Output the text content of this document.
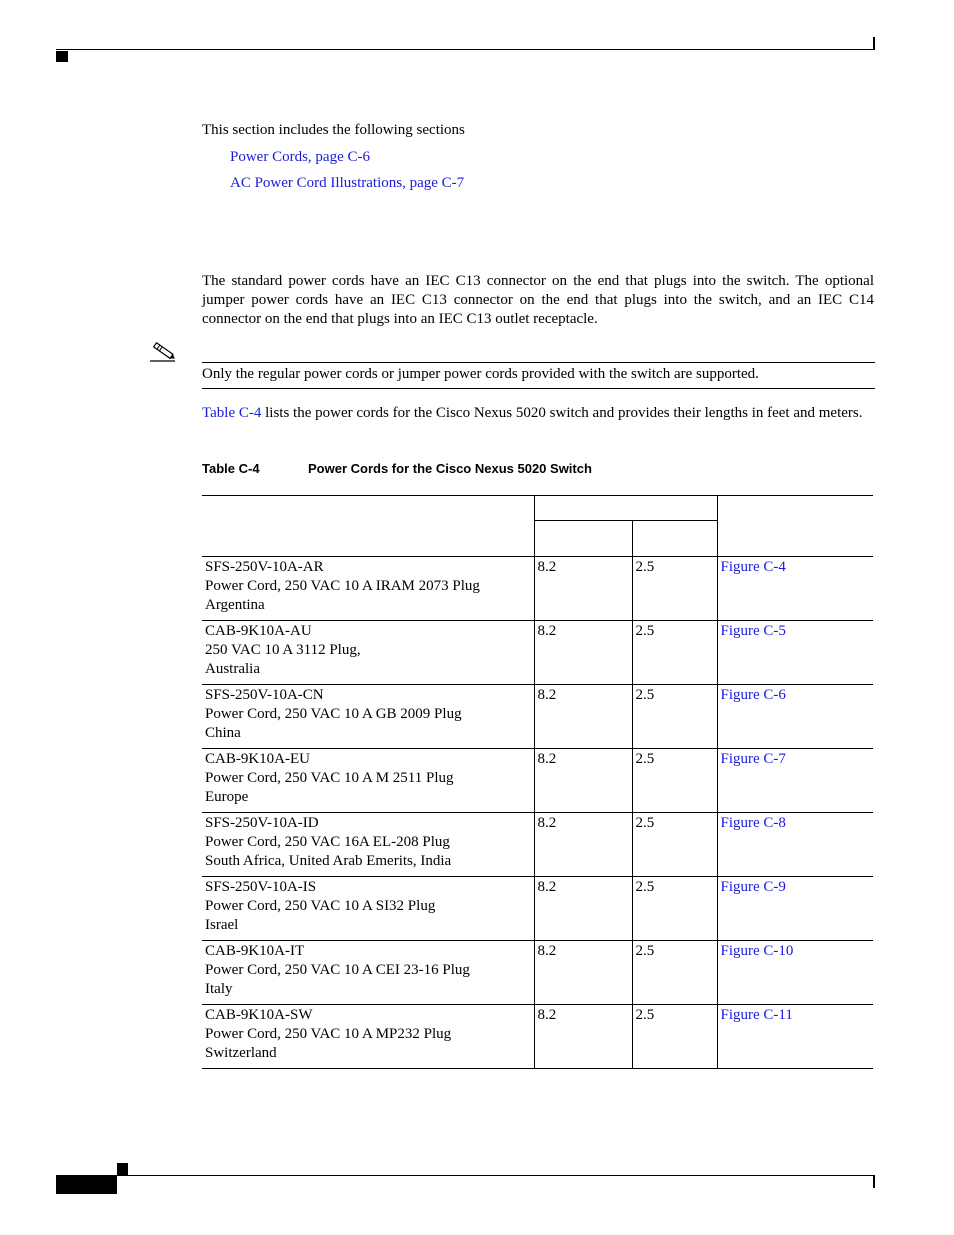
This section includes the following sections
Power Cords, page C-6
AC Power Cord Illustrations, page C-7
The standard power cords have an IEC C13 connector on the end that plugs into the switch. The optional jumper power cords have an IEC C13 connector on the end that plugs into the switch, and an IEC C14 connector on the end that plugs into an IEC C13 outlet receptacle.
Only the regular power cords or jumper power cords provided with the switch are supported.
Table C-4 lists the power cords for the Cisco Nexus 5020 switch and provides their lengths in feet and meters.
Table C-4	Power Cords for the Cisco Nexus 5020 Switch

SFS-250V-10A-AR
Power Cord, 250 VAC 10 A IRAM 2073 Plug
Argentina	8.2	2.5	Figure C-4

CAB-9K10A-AU
250 VAC 10 A 3112 Plug,
Australia	8.2	2.5	Figure C-5

SFS-250V-10A-CN
Power Cord, 250 VAC 10 A GB 2009 Plug
China	8.2	2.5	Figure C-6

CAB-9K10A-EU
Power Cord, 250 VAC 10 A M 2511 Plug
Europe	8.2	2.5	Figure C-7

SFS-250V-10A-ID
Power Cord, 250 VAC 16A EL-208 Plug
South Africa, United Arab Emerits, India	8.2	2.5	Figure C-8

SFS-250V-10A-IS
Power Cord, 250 VAC 10 A SI32 Plug
Israel	8.2	2.5	Figure C-9

CAB-9K10A-IT
Power Cord, 250 VAC 10 A CEI 23-16 Plug
Italy	8.2	2.5	Figure C-10

CAB-9K10A-SW
Power Cord, 250 VAC 10 A MP232 Plug
Switzerland	8.2	2.5	Figure C-11
